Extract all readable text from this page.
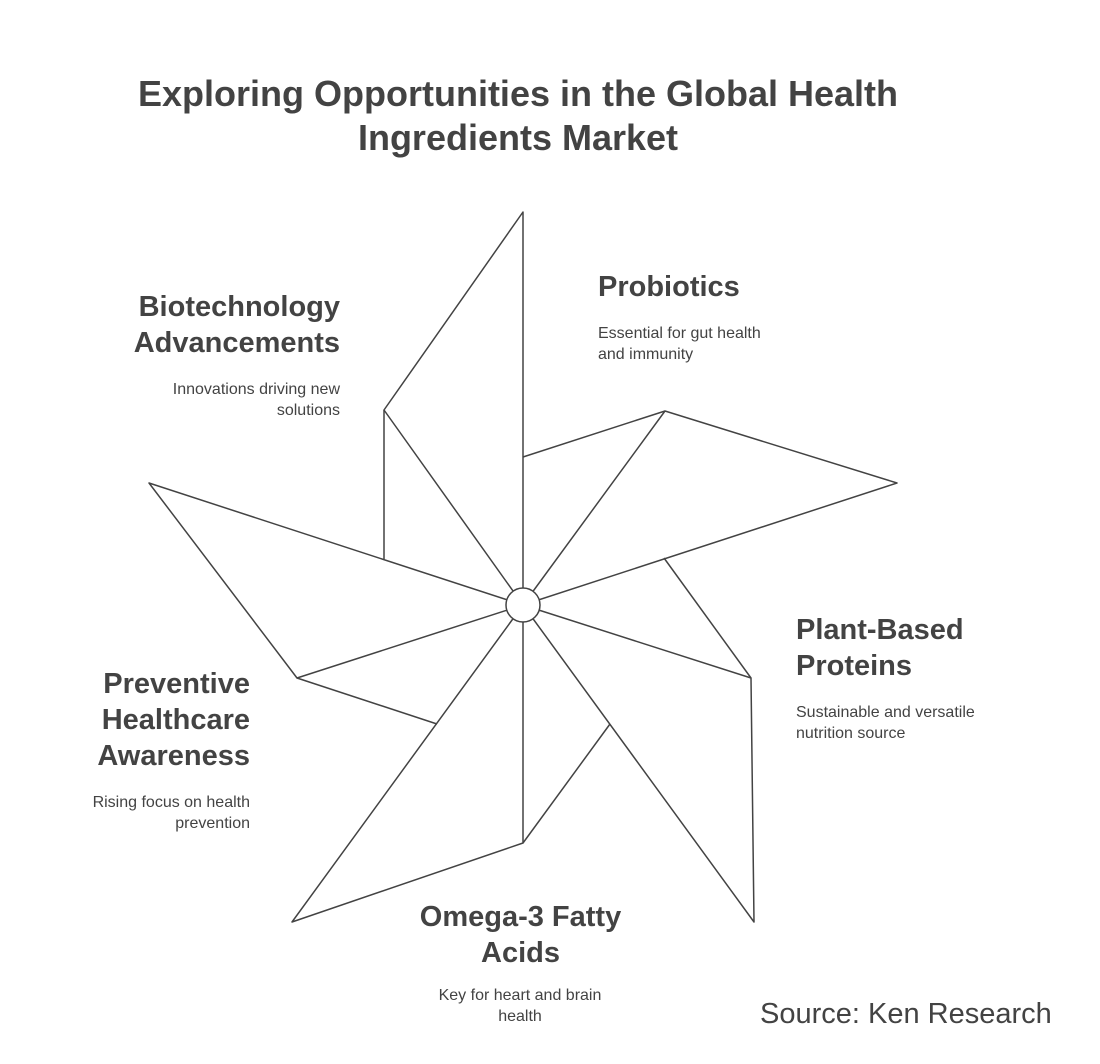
Exploring Opportunities in the Global Health
Ingredients Market
Probiotics
Essential for gut health and immunity
Plant-Based Proteins
Sustainable and versatile nutrition source
Omega-3 Fatty Acids
Key for heart and brain health
Preventive Healthcare Awareness
Rising focus on health prevention
Biotechnology Advancements
Innovations driving new solutions
Source: Ken Research
